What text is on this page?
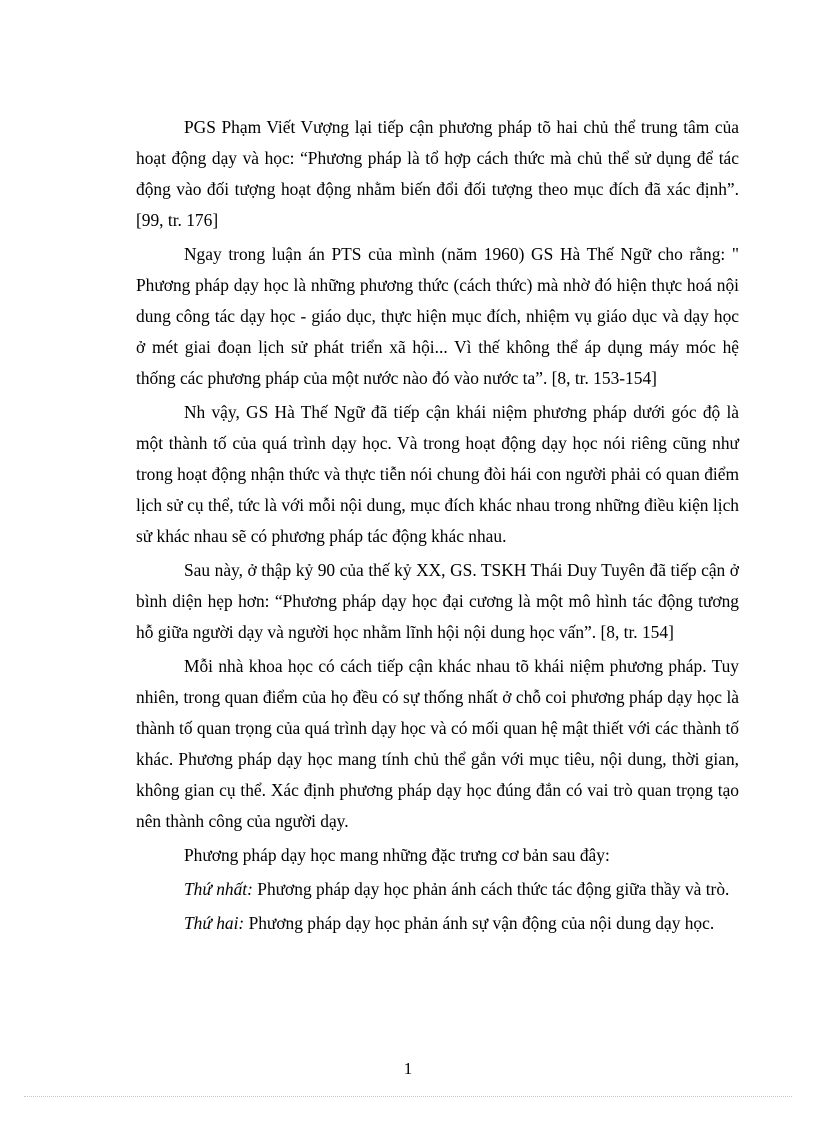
PGS Phạm Viết Vượng lại tiếp cận phương pháp tõ hai chủ thể trung tâm của hoạt động dạy và học: “Phương pháp là tổ hợp cách thức mà chủ thể sử dụng để tác động vào đối tượng hoạt động nhằm biến đổi đối tượng theo mục đích đã xác định”. [99, tr. 176]

Ngay trong luận án PTS của mình (năm 1960) GS Hà Thế Ngữ cho rằng: " Phương pháp dạy học là những phương thức (cách thức) mà nhờ đó hiện thực hoá nội dung công tác dạy học - giáo dục, thực hiện mục đích, nhiệm vụ giáo dục và dạy học ở mét giai đoạn lịch sử phát triển xã hội... Vì thế không thể áp dụng máy móc hệ thống các phương pháp của một nước nào đó vào nước ta”. [8, tr. 153-154]

Nh vậy, GS Hà Thế Ngữ đã tiếp cận khái niệm phương pháp dưới góc độ là một thành tố của quá trình dạy học. Và trong hoạt động dạy học nói riêng cũng như trong hoạt động nhận thức và thực tiễn nói chung đòi hái con người phải có quan điểm lịch sử cụ thể, tức là với mỗi nội dung, mục đích khác nhau trong những điều kiện lịch sử khác nhau sẽ có phương pháp tác động khác nhau.

Sau này, ở thập kỷ 90 của thế kỷ XX, GS. TSKH Thái Duy Tuyên đã tiếp cận ở bình diện hẹp hơn: “Phương pháp dạy học đại cương là một mô hình tác động tương hỗ giữa người dạy và người học nhằm lĩnh hội nội dung học vấn”. [8, tr. 154]

Mỗi nhà khoa học có cách tiếp cận khác nhau tõ khái niệm phương pháp. Tuy nhiên, trong quan điểm của họ đều có sự thống nhất ở chỗ coi phương pháp dạy học là thành tố quan trọng của quá trình dạy học và có mối quan hệ mật thiết với các thành tố khác. Phương pháp dạy học mang tính chủ thể gắn với mục tiêu, nội dung, thời gian, không gian cụ thể. Xác định phương pháp dạy học đúng đắn có vai trò quan trọng tạo nên thành công của người dạy.

Phương pháp dạy học mang những đặc trưng cơ bản sau đây:

Thứ nhất: Phương pháp dạy học phản ánh cách thức tác động giữa thầy và trò.

Thứ hai: Phương pháp dạy học phản ánh sự vận động của nội dung dạy học.

1
